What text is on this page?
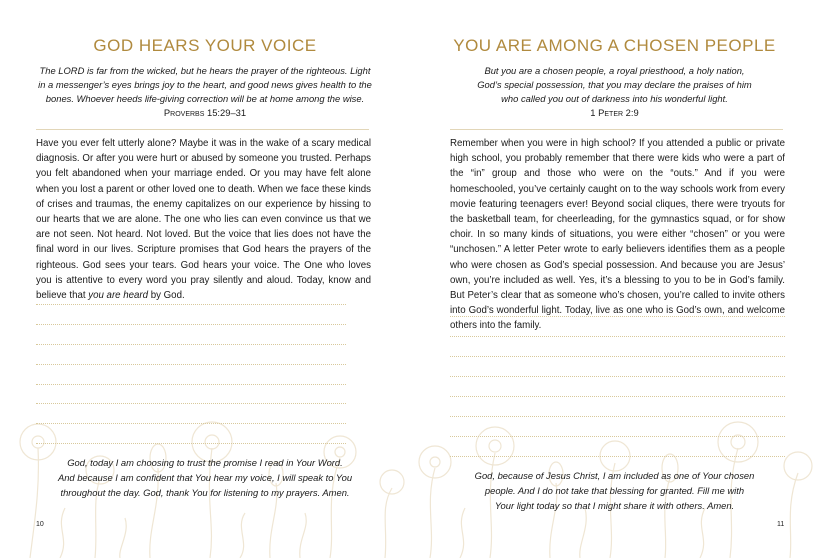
GOD HEARS YOUR VOICE
The LORD is far from the wicked, but he hears the prayer of the righteous. Light
in a messenger’s eyes brings joy to the heart, and good news gives health to the
bones. Whoever heeds life-giving correction will be at home among the wise.
Proverbs 15:29–31
Have you ever felt utterly alone? Maybe it was in the wake of a scary medical diagnosis. Or after you were hurt or abused by someone you trusted. Perhaps you felt abandoned when your marriage ended. Or you may have felt alone when you lost a parent or other loved one to death. When we face these kinds of crises and traumas, the enemy capitalizes on our experience by hissing to our hearts that we are alone. The one who lies can even convince us that we are not seen. Not heard. Not loved. But the voice that lies does not have the final word in our lives. Scripture promises that God hears the prayers of the righteous. God sees your tears. God hears your voice. The One who loves you is attentive to every word you pray silently and aloud. Today, know and believe that you are heard by God.
God, today I am choosing to trust the promise I read in Your Word.
And because I am confident that You hear my voice, I will speak to You
throughout the day. God, thank You for listening to my prayers. Amen.
10
YOU ARE AMONG A CHOSEN PEOPLE
But you are a chosen people, a royal priesthood, a holy nation,
God’s special possession, that you may declare the praises of him
who called you out of darkness into his wonderful light.
1 Peter 2:9
Remember when you were in high school? If you attended a public or private high school, you probably remember that there were kids who were a part of the “in” group and those who were on the “outs.” And if you were homeschooled, you’ve certainly caught on to the way schools work from every movie featuring teenagers ever! Beyond social cliques, there were tryouts for the basketball team, for cheerleading, for the gymnastics squad, or for show choir. In so many kinds of situations, you were either “chosen” or you were “unchosen.” A letter Peter wrote to early believers identifies them as a people who were chosen as God’s special possession. And because you are Jesus’ own, you’re included as well. Yes, it’s a blessing to you to be in God’s family. But Peter’s clear that as someone who’s chosen, you’re called to invite others into God’s wonderful light. Today, live as one who is God’s own, and welcome others into the family.
God, because of Jesus Christ, I am included as one of Your chosen
people. And I do not take that blessing for granted. Fill me with
Your light today so that I might share it with others. Amen.
11
